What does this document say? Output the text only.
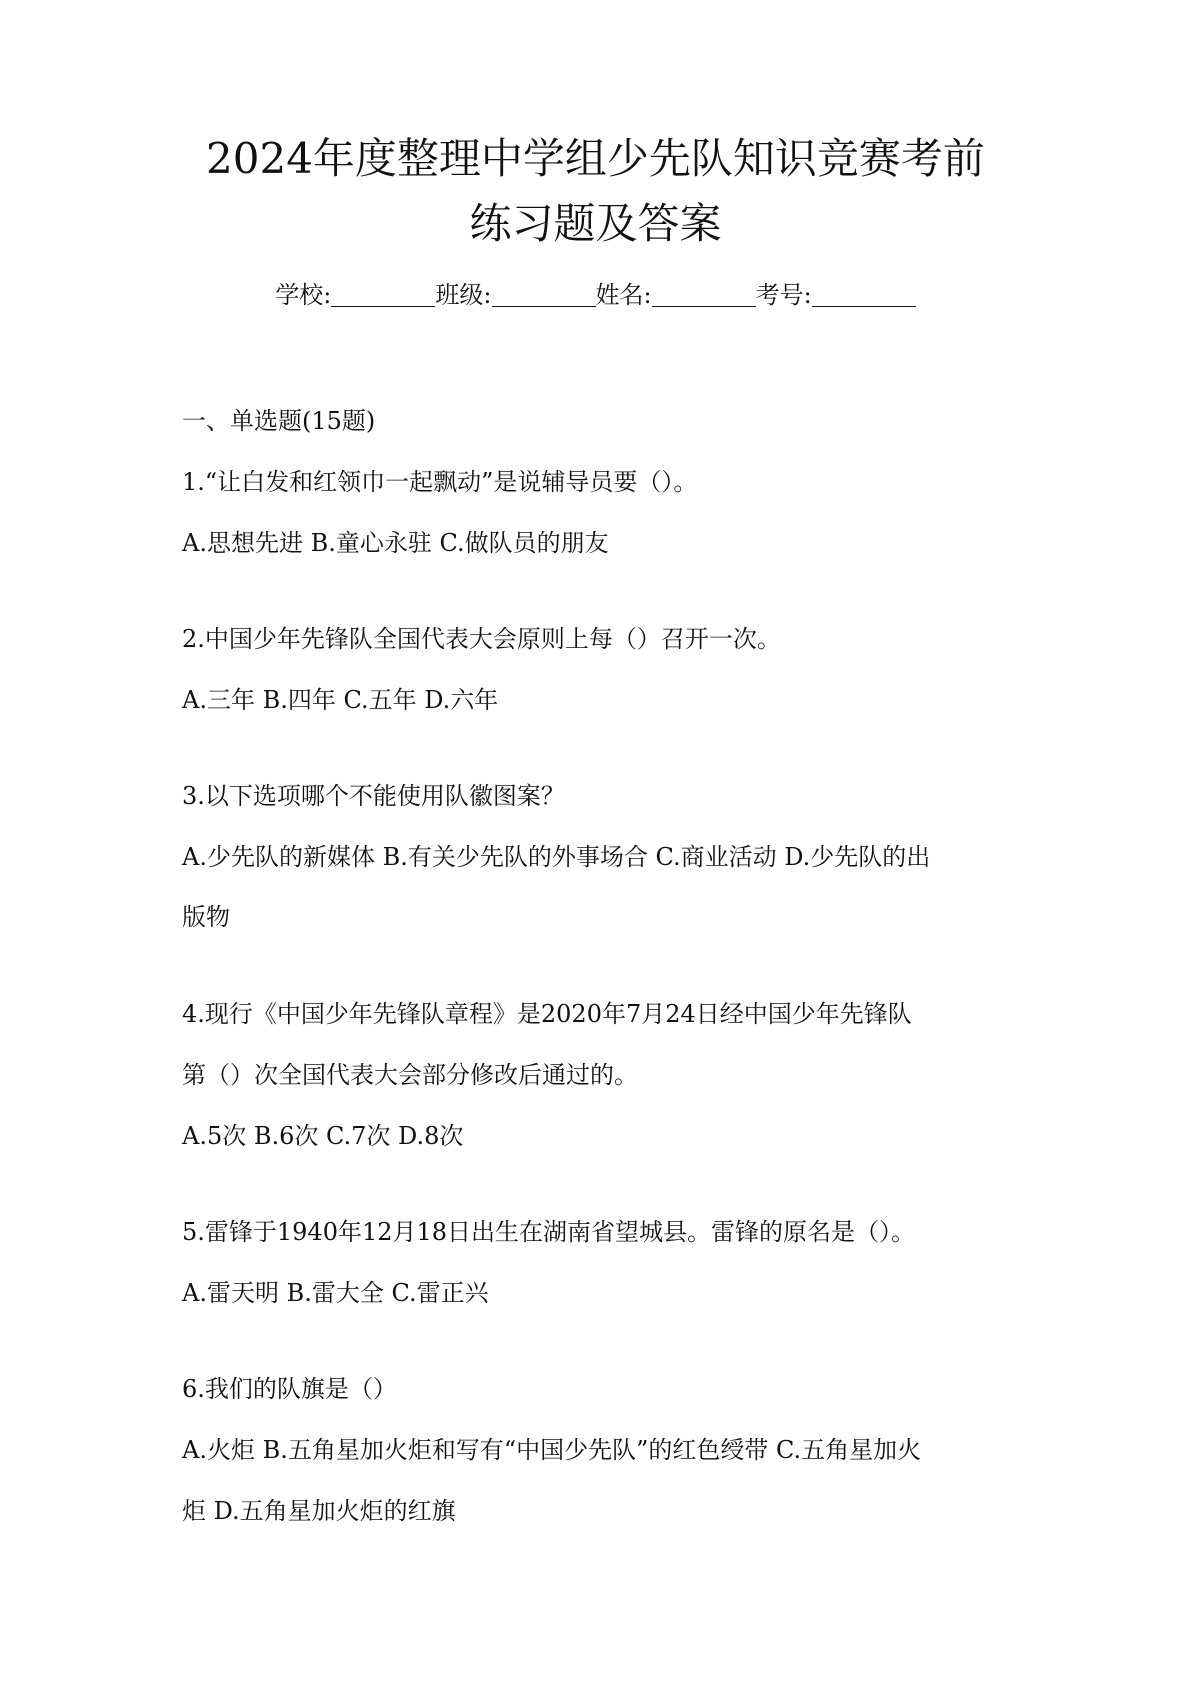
2024年度整理中学组少先队知识竞赛考前
练习题及答案
学校:	班级:	姓名:	考号:
一、单选题(15题)
1.“让白发和红领巾一起飘动”是说辅导员要（）。
A.思想先进 B.童心永驻 C.做队员的朋友
2.中国少年先锋队全国代表大会原则上每（）召开一次。
A.三年 B.四年 C.五年 D.六年
3.以下选项哪个不能使用队徽图案？
A.少先队的新媒体 B.有关少先队的外事场合 C.商业活动 D.少先队的出
版物
4.现行《中国少年先锋队章程》是2020年7月24日经中国少年先锋队
第（）次全国代表大会部分修改后通过的。
A.5次 B.6次 C.7次 D.8次
5.雷锋于1940年12月18日出生在湖南省望城县。雷锋的原名是（）。
A.雷天明 B.雷大全 C.雷正兴
6.我们的队旗是（）
A.火炬 B.五角星加火炬和写有“中国少先队”的红色绶带 C.五角星加火
炬 D.五角星加火炬的红旗
